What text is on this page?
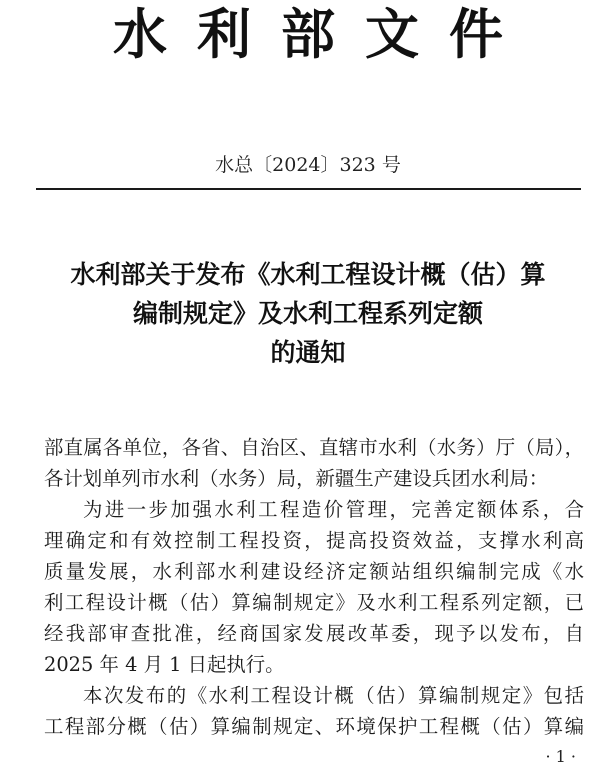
水 利 部 文 件
水总〔2024〕323 号
水利部关于发布《水利工程设计概（估）算
编制规定》及水利工程系列定额
的通知
部直属各单位，各省、自治区、直辖市水利（水务）厅（局），
各计划单列市水利（水务）局，新疆生产建设兵团水利局：
为进一步加强水利工程造价管理，完善定额体系，合
理确定和有效控制工程投资，提高投资效益，支撑水利高
质量发展，水利部水利建设经济定额站组织编制完成《水
利工程设计概（估）算编制规定》及水利工程系列定额，已
经我部审查批准，经商国家发展改革委，现予以发布，自
2025 年 4 月 1 日起执行。
本次发布的《水利工程设计概（估）算编制规定》包括
工程部分概（估）算编制规定、环境保护工程概（估）算编
· 1 ·
